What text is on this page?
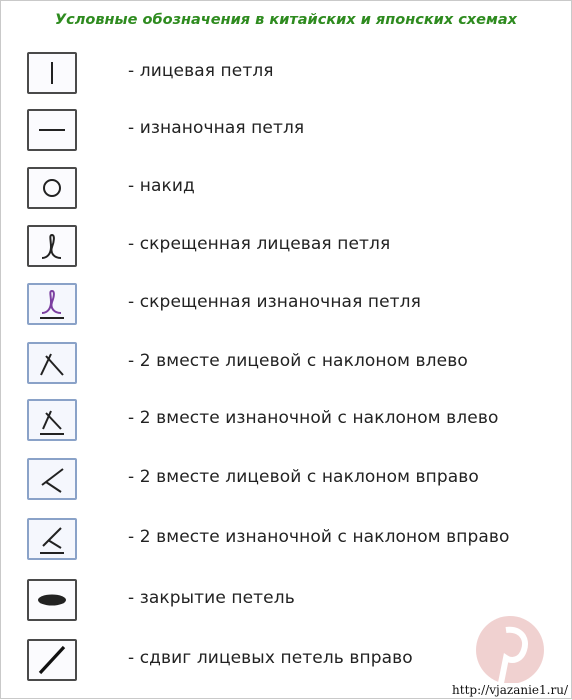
Условные обозначения в китайских и японских схемах
- лицевая петля
- изнаночная петля
- накид
- скрещенная лицевая петля
- скрещенная изнаночная петля
- 2 вместе лицевой с наклоном влево
- 2 вместе изнаночной с наклоном влево
- 2 вместе лицевой с наклоном вправо
- 2 вместе изнаночной с наклоном вправо
- закрытие петель
- сдвиг лицевых петель вправо
http://vjazanie1.ru/
